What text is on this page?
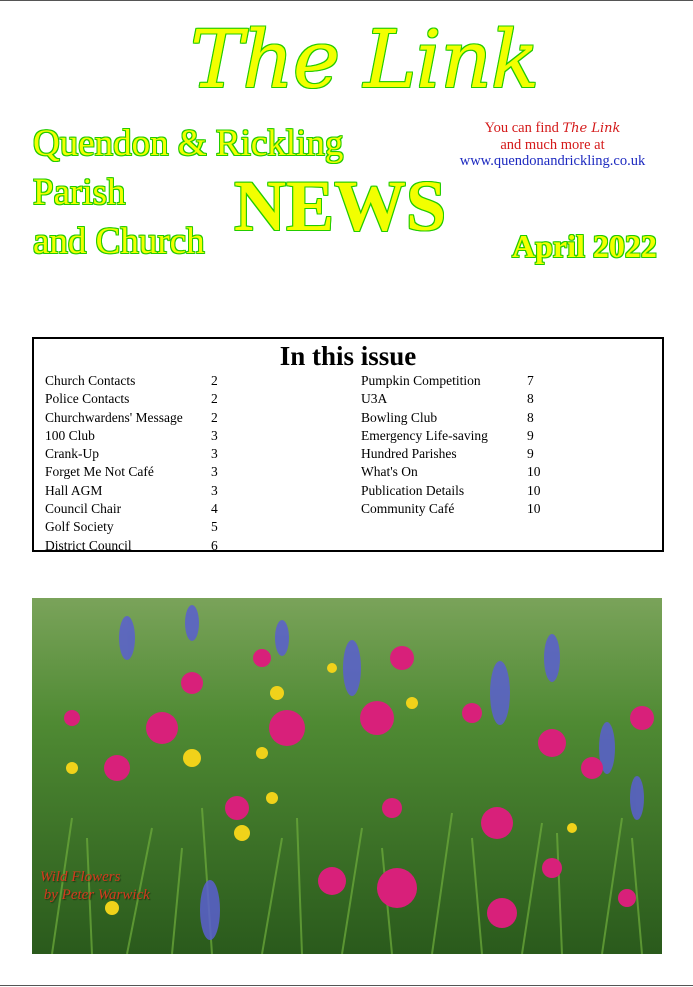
The Link
Quendon & Rickling
Parish
and Church NEWS April 2022
You can find The Link
and much more at
www.quendonandrickling.co.uk
In this issue
Church Contacts	2
Police Contacts	2
Churchwardens' Message 2
100 Club	3
Crank-Up	3
Forget Me Not Café	3
Hall AGM	3
Council Chair	4
Golf Society	5
District Council	6
Pumpkin Competition	7
U3A	8
Bowling Club	8
Emergency Life-saving	9
Hundred Parishes	9
What's On	10
Publication Details	10
Community Café	10
Wild Flowers
by Peter Warwick
